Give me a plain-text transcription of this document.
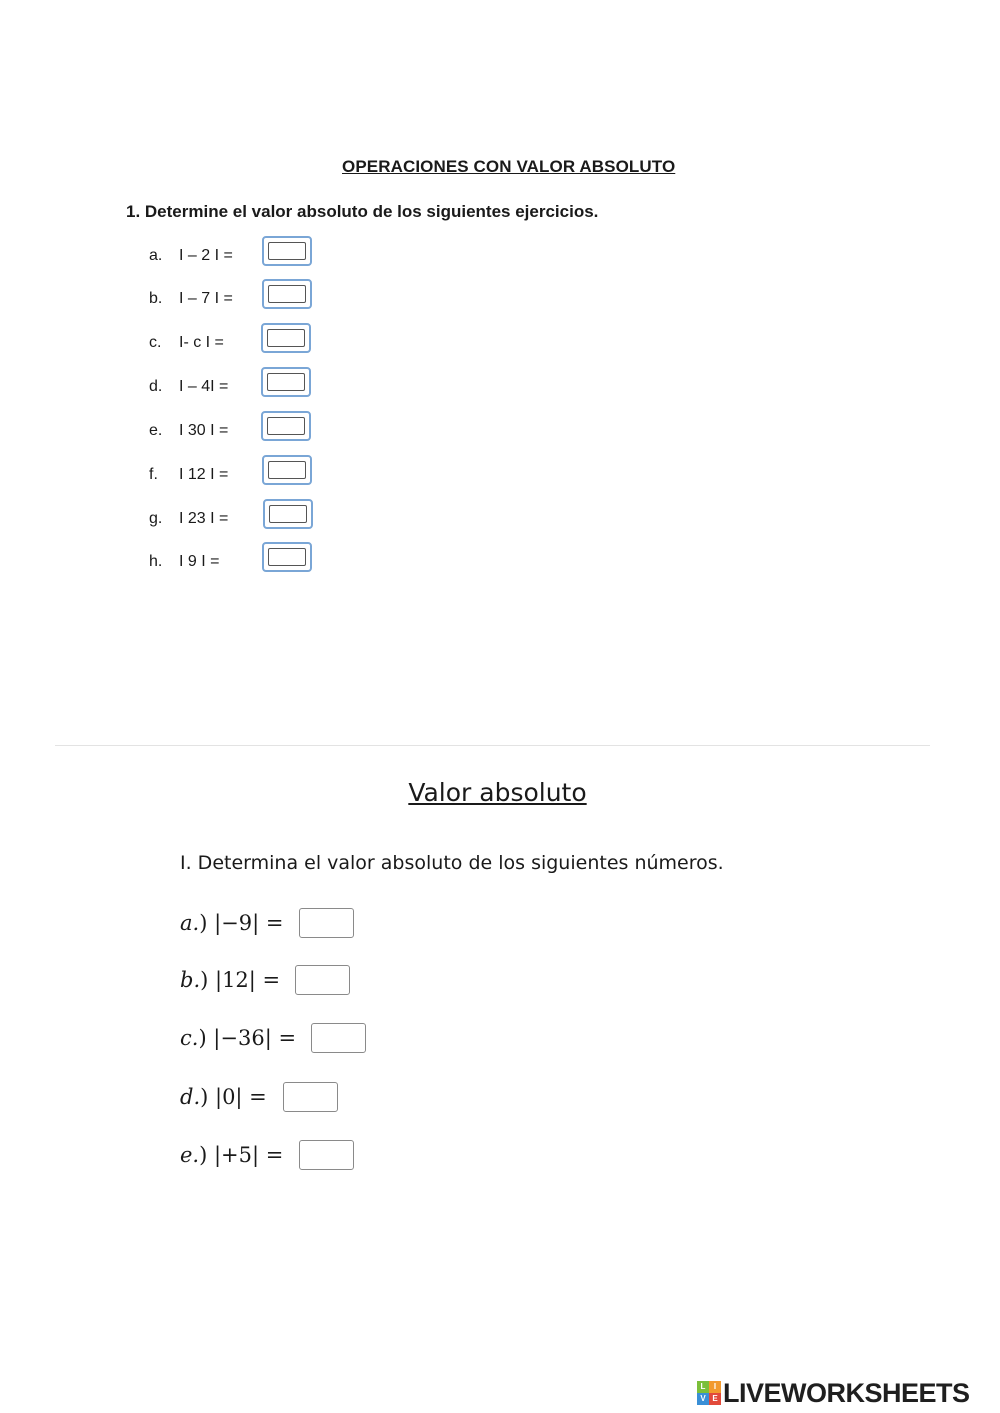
OPERACIONES CON VALOR ABSOLUTO
1. Determine el valor absoluto de los siguientes ejercicios.
a. I – 2 I =
b. I – 7 I =
c. I- c I =
d. I – 4I =
e. I 30 I =
f. I 12 I =
g. I 23 I =
h. I 9 I =
Valor absoluto
I. Determina el valor absoluto de los siguientes números.
a.) |−9| =
b.) |12| =
c.) |−36| =
d.) |0| =
e.) |+5| =
L	I
V E LIVEWORKSHEETS
